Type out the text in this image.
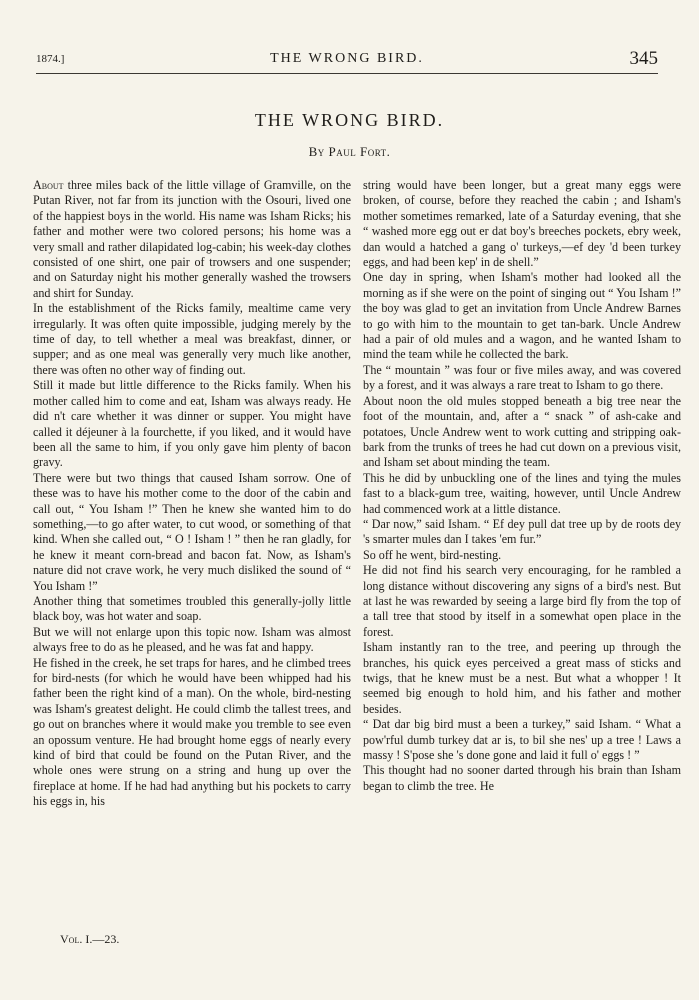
1874.]	THE WRONG BIRD.	345
THE WRONG BIRD.
By Paul Fort.

About three miles back of the little village of Gramville, on the Putan River, not far from its junction with the Osouri, lived one of the happiest boys in the world. His name was Isham Ricks; his father and mother were two colored persons; his home was a very small and rather dilapidated log-cabin; his week-day clothes consisted of one shirt, one pair of trowsers and one suspender; and on Saturday night his mother generally washed the trowsers and shirt for Sunday.

In the establishment of the Ricks family, mealtime came very irregularly. It was often quite impossible, judging merely by the time of day, to tell whether a meal was breakfast, dinner, or supper; and as one meal was generally very much like another, there was often no other way of finding out.

Still it made but little difference to the Ricks family. When his mother called him to come and eat, Isham was always ready. He did n't care whether it was dinner or supper. You might have called it déjeuner à la fourchette, if you liked, and it would have been all the same to him, if you only gave him plenty of bacon gravy.

There were but two things that caused Isham sorrow. One of these was to have his mother come to the door of the cabin and call out, “ You Isham !” Then he knew she wanted him to do something,—to go after water, to cut wood, or something of that kind. When she called out, “ O ! Isham ! ” then he ran gladly, for he knew it meant corn-bread and bacon fat. Now, as Isham's nature did not crave work, he very much disliked the sound of “ You Isham !”

Another thing that sometimes troubled this generally-jolly little black boy, was hot water and soap.

But we will not enlarge upon this topic now. Isham was almost always free to do as he pleased, and he was fat and happy.

He fished in the creek, he set traps for hares, and he climbed trees for bird-nests (for which he would have been whipped had his father been the right kind of a man). On the whole, bird-nesting was Isham's greatest delight. He could climb the tallest trees, and go out on branches where it would make you tremble to see even an opossum venture. He had brought home eggs of nearly every kind of bird that could be found on the Putan River, and the whole ones were strung on a string and hung up over the fireplace at home. If he had had anything but his pockets to carry his eggs in, his

string would have been longer, but a great many eggs were broken, of course, before they reached the cabin ; and Isham's mother sometimes remarked, late of a Saturday evening, that she “ washed more egg out er dat boy's breeches pockets, ebry week, dan would a hatched a gang o' turkeys,—ef dey 'd been turkey eggs, and had been kep' in de shell.”

One day in spring, when Isham's mother had looked all the morning as if she were on the point of singing out “ You Isham !” the boy was glad to get an invitation from Uncle Andrew Barnes to go with him to the mountain to get tan-bark. Uncle Andrew had a pair of old mules and a wagon, and he wanted Isham to mind the team while he collected the bark.

The “ mountain ” was four or five miles away, and was covered by a forest, and it was always a rare treat to Isham to go there.

About noon the old mules stopped beneath a big tree near the foot of the mountain, and, after a “ snack ” of ash-cake and potatoes, Uncle Andrew went to work cutting and stripping oak-bark from the trunks of trees he had cut down on a previous visit, and Isham set about minding the team.

This he did by unbuckling one of the lines and tying the mules fast to a black-gum tree, waiting, however, until Uncle Andrew had commenced work at a little distance.

“ Dar now,” said Isham. “ Ef dey pull dat tree up by de roots dey 's smarter mules dan I takes 'em fur.”

So off he went, bird-nesting.

He did not find his search very encouraging, for he rambled a long distance without discovering any signs of a bird's nest. But at last he was rewarded by seeing a large bird fly from the top of a tall tree that stood by itself in a somewhat open place in the forest.

Isham instantly ran to the tree, and peering up through the branches, his quick eyes perceived a great mass of sticks and twigs, that he knew must be a nest. But what a whopper ! It seemed big enough to hold him, and his father and mother besides.

“ Dat dar big bird must a been a turkey,” said Isham. “ What a pow'rful dumb turkey dat ar is, to bil she nes' up a tree ! Laws a massy ! S'pose she 's done gone and laid it full o' eggs ! ”

This thought had no sooner darted through his brain than Isham began to climb the tree. He

Vol. I.—23.
